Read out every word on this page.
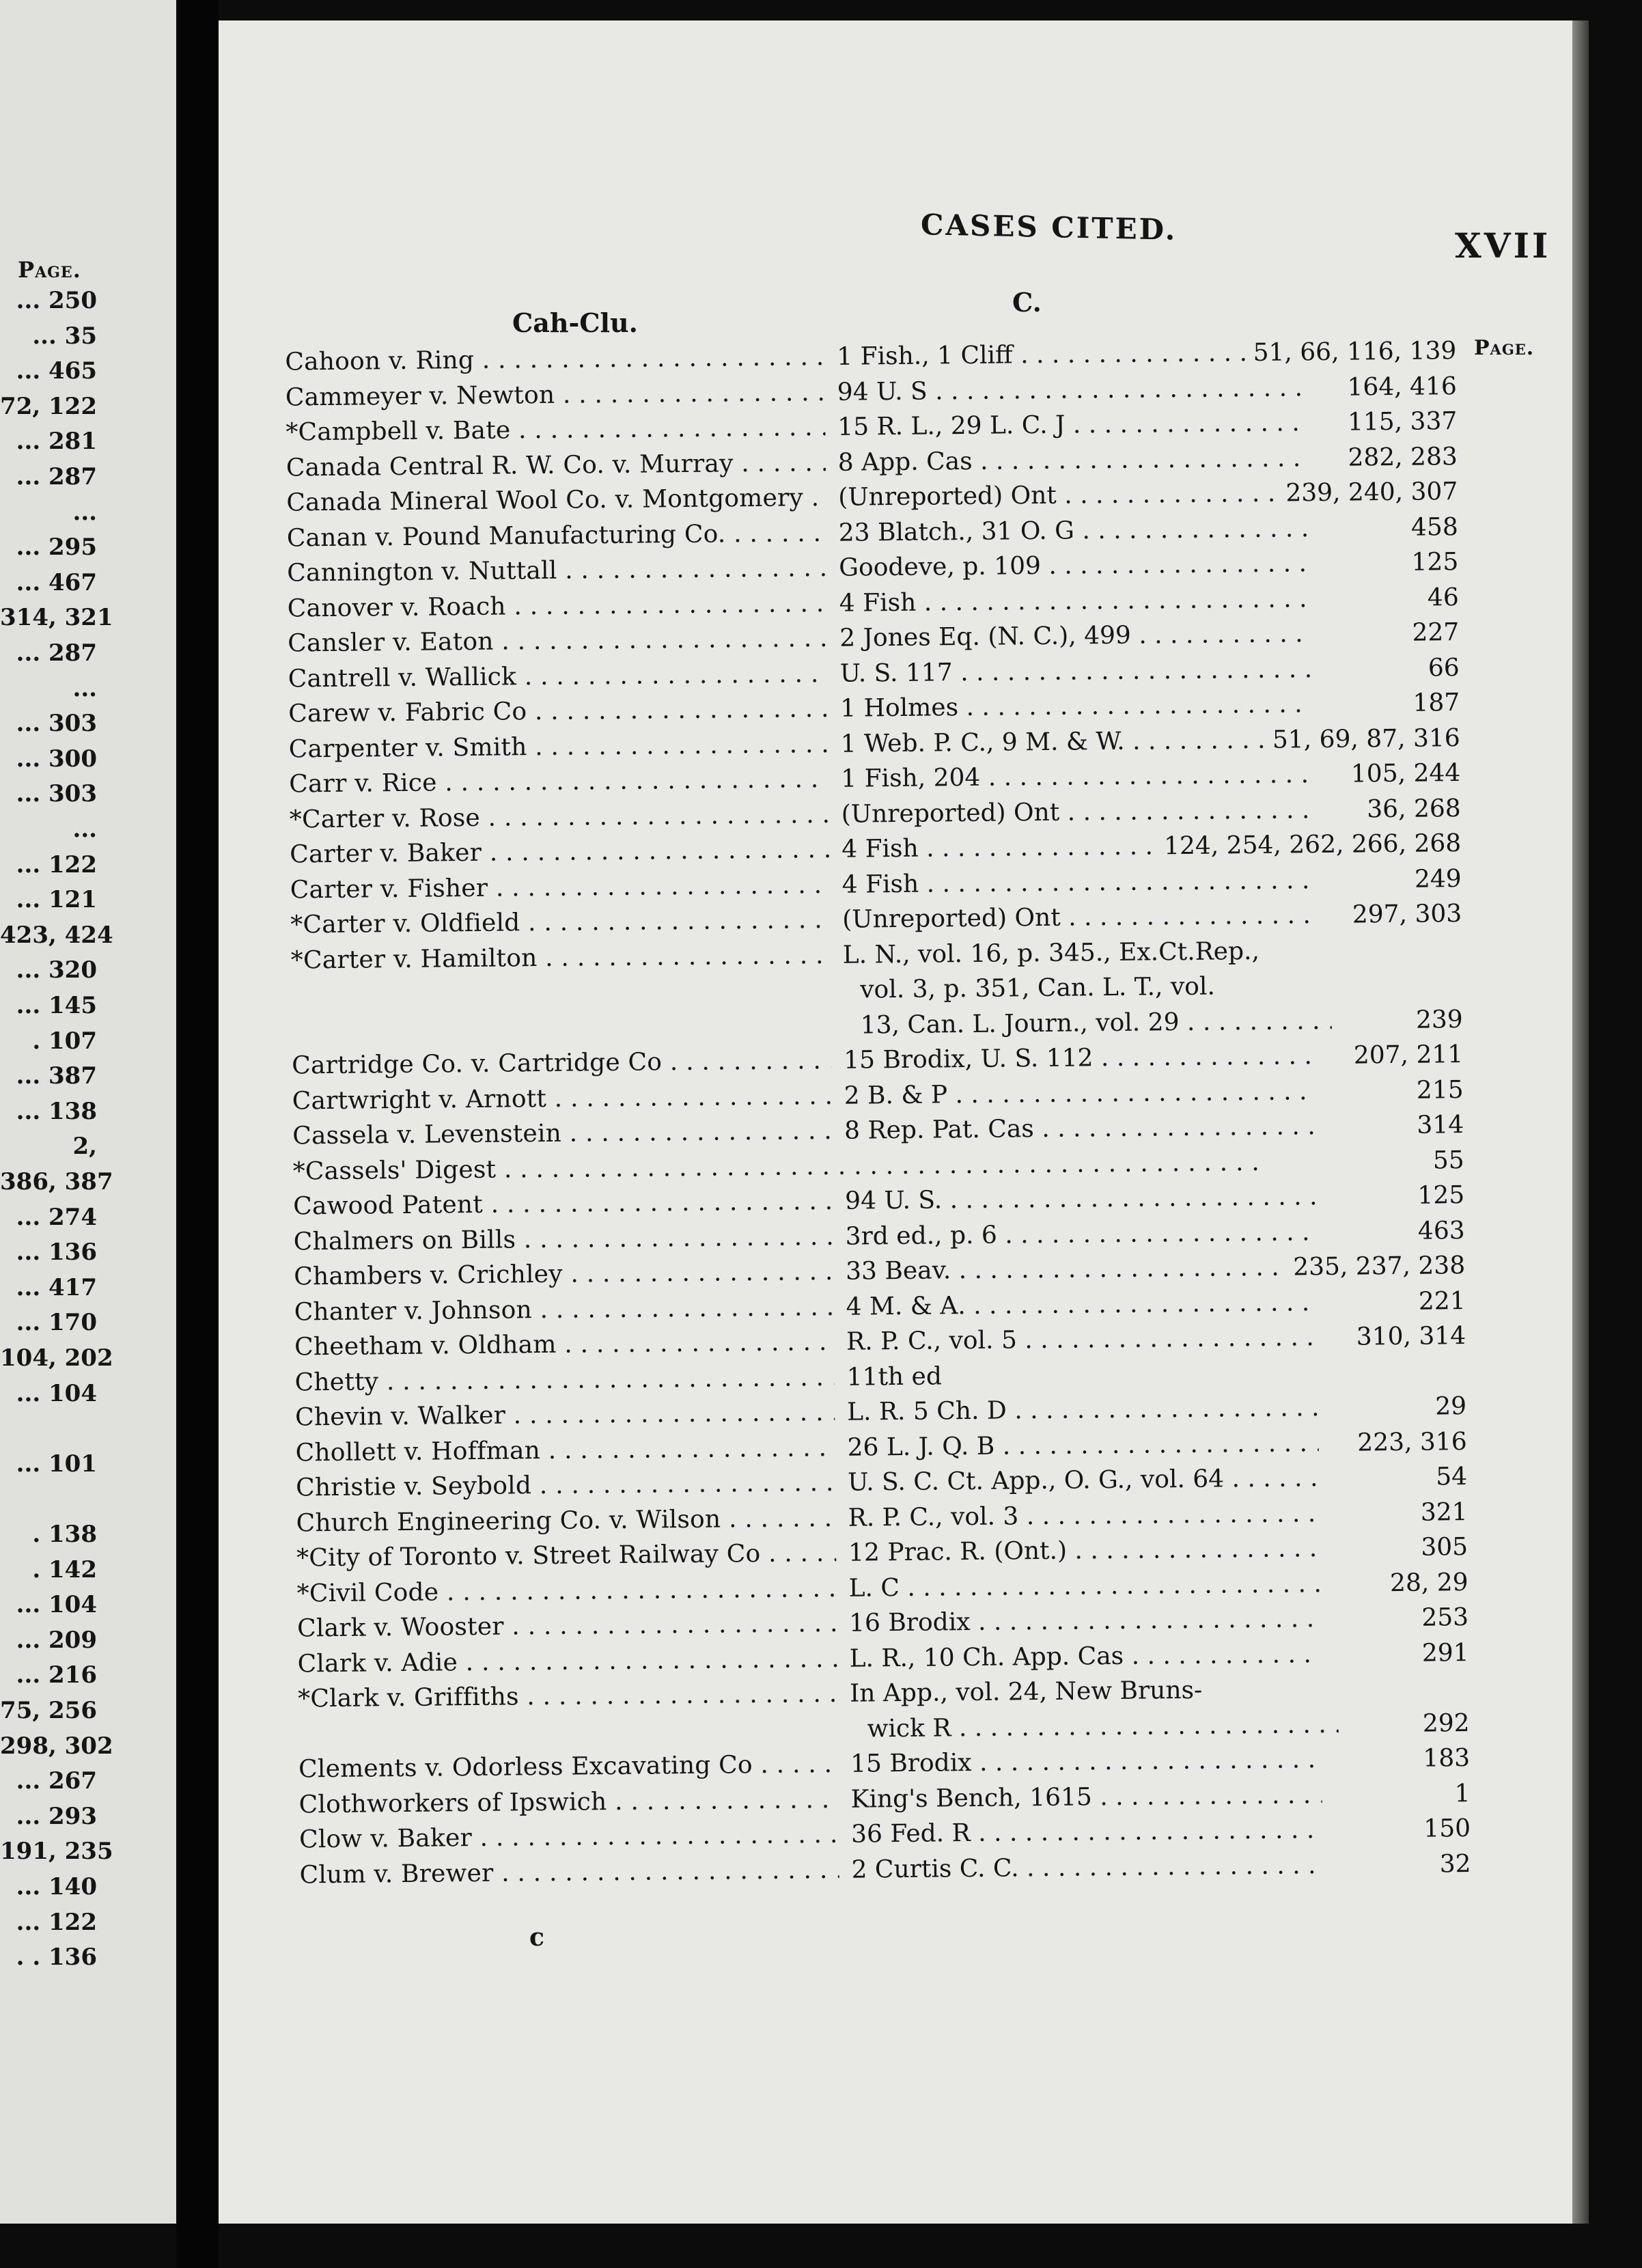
Page.
... 250
... 35
... 465
72, 122
... 281
... 287
...
... 295
... 467
314, 321
... 287
...
... 303
... 300
... 303
...
... 122
... 121
423, 424
... 320
... 145
. 107
... 387
... 138
2,
386, 387
... 274
... 136
... 417
... 170
104, 202
... 104
... 101
. 138
. 142
... 104
... 209
... 216
75, 256
298, 302
... 267
... 293
191, 235
... 140
... 122
. . 136
CASES CITED.	XVII
C.
Cah-Clu.
Page.
Cahoon v. Ring . . .	1 Fish., 1 Cliff . . .	51, 66, 116, 139
Cammeyer v. Newton . . .	94 U. S . . .	164, 416
*Campbell v. Bate . . .	15 R. L., 29 L. C. J . . .	115, 337
Canada Central R. W. Co. v. Murray . . .	8 App. Cas . . .	282, 283
Canada Mineral Wool Co. v. Montgomery . . .	(Unreported) Ont . . .	239, 240, 307
Canan v. Pound Manufacturing Co. . . .	23 Blatch., 31 O. G . . .	458
Cannington v. Nuttall . . .	Goodeve, p. 109 . . .	125
Canover v. Roach . . .	4 Fish . . .	46
Cansler v. Eaton . . .	2 Jones Eq. (N. C.), 499 . . .	227
Cantrell v. Wallick . . .	U. S. 117 . . .	66
Carew v. Fabric Co . . .	1 Holmes . . .	187
Carpenter v. Smith . . .	1 Web. P. C., 9 M. & W. . . .	51, 69, 87, 316
Carr v. Rice . . .	1 Fish, 204 . . .	105, 244
*Carter v. Rose . . .	(Unreported) Ont . . .	36, 268
Carter v. Baker . . .	4 Fish . . .	124, 254, 262, 266, 268
Carter v. Fisher . . .	4 Fish . . .	249
*Carter v. Oldfield . . .	(Unreported) Ont . . .	297, 303
*Carter v. Hamilton . . .	L. N., vol. 16, p. 345., Ex.Ct.Rep.,
vol. 3, p. 351, Can. L. T., vol.
13, Can. L. Journ., vol. 29 . . .	239
Cartridge Co. v. Cartridge Co . . .	15 Brodix, U. S. 112 . . .	207, 211
Cartwright v. Arnott . . .	2 B. & P . . .	215
Cassela v. Levenstein . . .	8 Rep. Pat. Cas . . .	314
*Cassels' Digest . . .	55
Cawood Patent . . .	94 U. S. . . .	125
Chalmers on Bills . . .	3rd ed., p. 6 . . .	463
Chambers v. Crichley . . .	33 Beav. . . .	235, 237, 238
Chanter v. Johnson . . .	4 M. & A. . . .	221
Cheetham v. Oldham . . .	R. P. C., vol. 5 . . .	310, 314
Chetty . . .	11th ed
Chevin v. Walker . . .	L. R. 5 Ch. D . . .	29
Chollett v. Hoffman . . .	26 L. J. Q. B . . .	223, 316
Christie v. Seybold . . .	U. S. C. Ct. App., O. G., vol. 64 . . .	54
Church Engineering Co. v. Wilson . . .	R. P. C., vol. 3 . . .	321
*City of Toronto v. Street Railway Co . . .	12 Prac. R. (Ont.) . . .	305
*Civil Code . . .	L. C . . .	28, 29
Clark v. Wooster . . .	16 Brodix . . .	253
Clark v. Adie . . .	L. R., 10 Ch. App. Cas . . .	291
*Clark v. Griffiths . . .	In App., vol. 24, New Bruns-
wick R . . .	292
Clements v. Odorless Excavating Co . . .	15 Brodix . . .	183
Clothworkers of Ipswich . . .	King's Bench, 1615 . . .	1
Clow v. Baker . . .	36 Fed. R . . .	150
Clum v. Brewer . . .	2 Curtis C. C. . . .	32
c
